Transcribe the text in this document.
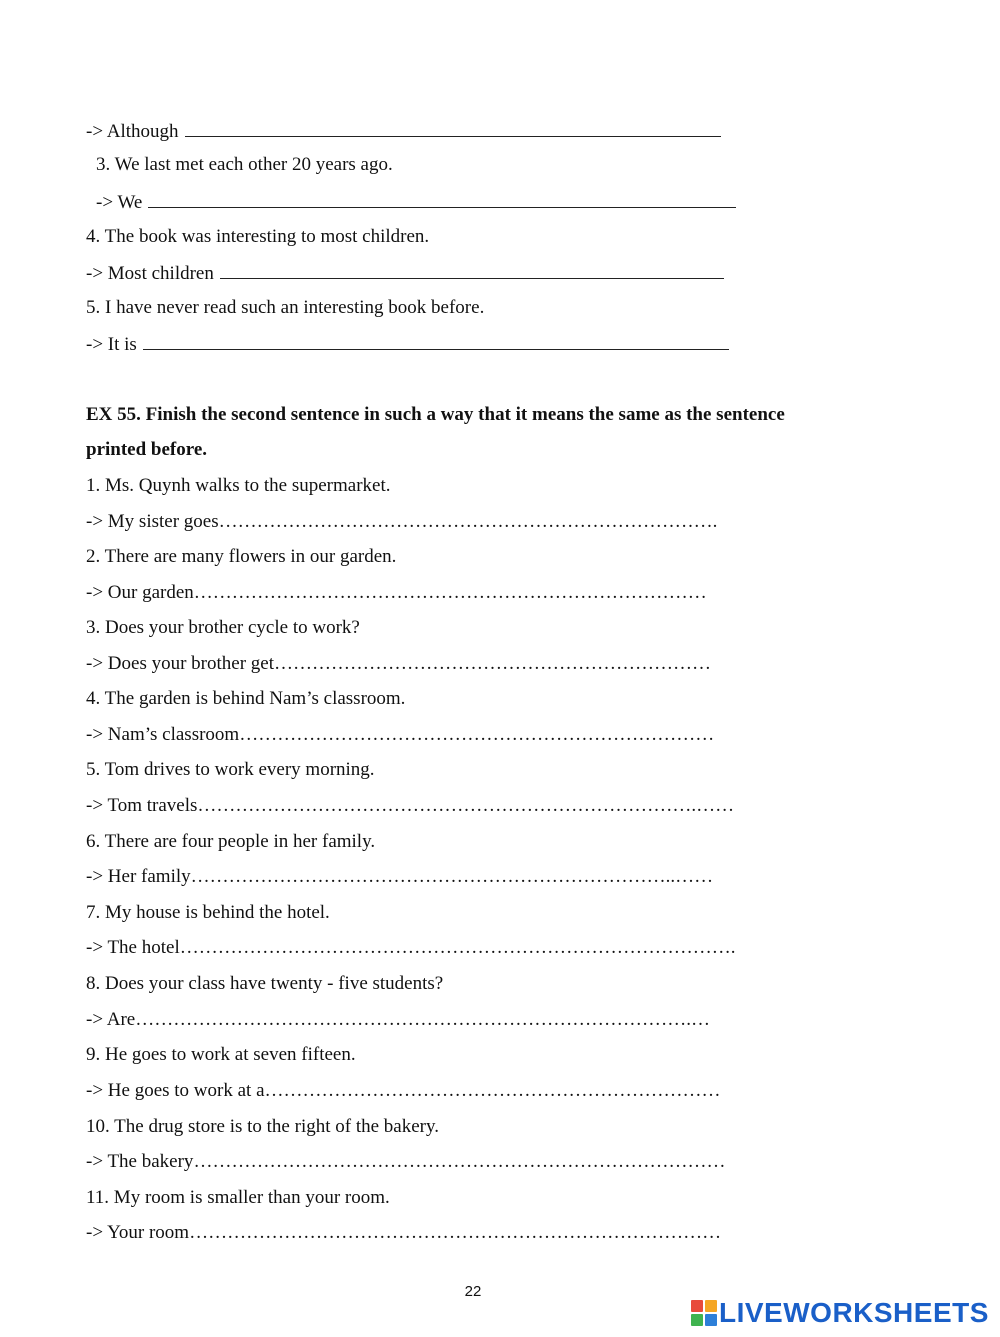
-> Although
3. We last met each other 20 years ago.
-> We
4. The book was interesting to most children.
-> Most children
5. I have never read such an interesting book before.
-> It is
EX 55. Finish the second sentence in such a way that it means the same as the sentence
printed before.
1. Ms. Quynh walks to the supermarket.
-> My sister goes…………………………………………………………………….
2. There are many flowers in our garden.
-> Our garden………………………………………………………………………
3. Does your brother cycle to work?
-> Does your brother get……………………………………………………………
4. The garden is behind Nam’s classroom.
-> Nam’s classroom…………………………………………………………………
5. Tom drives to work every morning.
-> Tom travels…………………………………………………………………….……
6. There are four people in her family.
-> Her family…………………………………………………………………..……
7. My house is behind the hotel.
-> The hotel…………………………………………………………………………….
8. Does your class have twenty - five students?
-> Are…………………………………………………………………………….…
9. He goes to work at seven fifteen.
-> He goes to work at a………………………………………………………………
10. The drug store is to the right of the bakery.
-> The bakery…………………………………………………………………………
11. My room is smaller than your room.
-> Your room…………………………………………………………………………
22
LIVEWORKSHEETS
